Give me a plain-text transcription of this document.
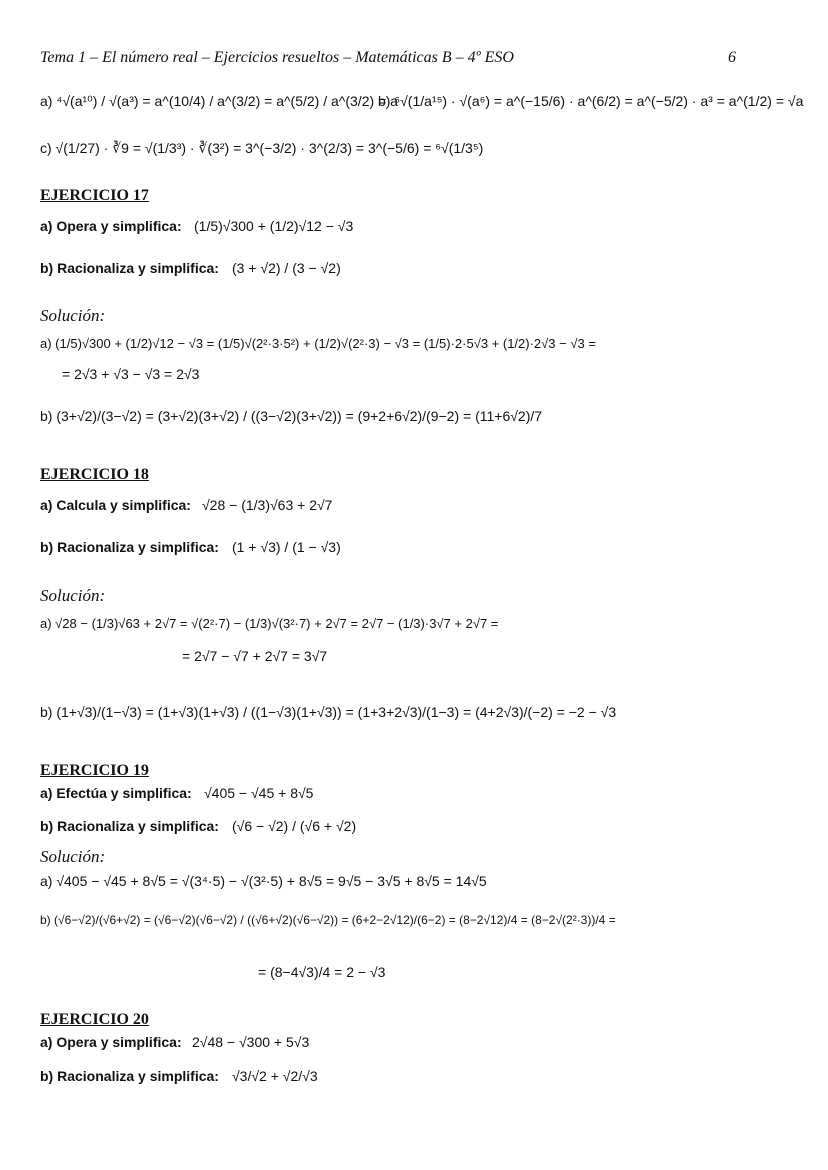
Tema 1 – El número real – Ejercicios resueltos – Matemáticas B – 4º ESO	6
a) ⁴√(a¹⁰) / √(a³) = a^(10/4) / a^(3/2) = a^(5/2) / a^(3/2) = a
b) ⁶√(1/a¹⁵) · √(a⁶) = a^(−15/6) · a^(6/2) = a^(−5/2) · a³ = a^(1/2) = √a
c) √(1/27) · ∛9 = √(1/3³) · ∛(3²) = 3^(−3/2) · 3^(2/3) = 3^(−5/6) = ⁶√(1/3⁵)
EJERCICIO 17
a) Opera y simplifica: (1/5)√300 + (1/2)√12 − √3
b) Racionaliza y simplifica: (3 + √2) / (3 − √2)
Solución:
a) (1/5)√300 + (1/2)√12 − √3 = (1/5)√(2²·3·5²) + (1/2)√(2²·3) − √3 = (1/5)·2·5√3 + (1/2)·2√3 − √3 =
= 2√3 + √3 − √3 = 2√3
b) (3+√2)/(3−√2) = (3+√2)(3+√2) / ((3−√2)(3+√2)) = (9+2+6√2)/(9−2) = (11+6√2)/7
EJERCICIO 18
a) Calcula y simplifica: √28 − (1/3)√63 + 2√7
b) Racionaliza y simplifica: (1 + √3) / (1 − √3)
Solución:
a) √28 − (1/3)√63 + 2√7 = √(2²·7) − (1/3)√(3²·7) + 2√7 = 2√7 − (1/3)·3√7 + 2√7 =
= 2√7 − √7 + 2√7 = 3√7
b) (1+√3)/(1−√3) = (1+√3)(1+√3) / ((1−√3)(1+√3)) = (1+3+2√3)/(1−3) = (4+2√3)/(−2) = −2 − √3
EJERCICIO 19
a) Efectúa y simplifica: √405 − √45 + 8√5
b) Racionaliza y simplifica: (√6 − √2) / (√6 + √2)
Solución:
a) √405 − √45 + 8√5 = √(3⁴·5) − √(3²·5) + 8√5 = 9√5 − 3√5 + 8√5 = 14√5
b) (√6−√2)/(√6+√2) = (√6−√2)(√6−√2) / ((√6+√2)(√6−√2)) = (6+2−2√12)/(6−2) = (8−2√12)/4 = (8−2√(2²·3))/4 =
= (8−4√3)/4 = 2 − √3
EJERCICIO 20
a) Opera y simplifica: 2√48 − √300 + 5√3
b) Racionaliza y simplifica: √3/√2 + √2/√3
